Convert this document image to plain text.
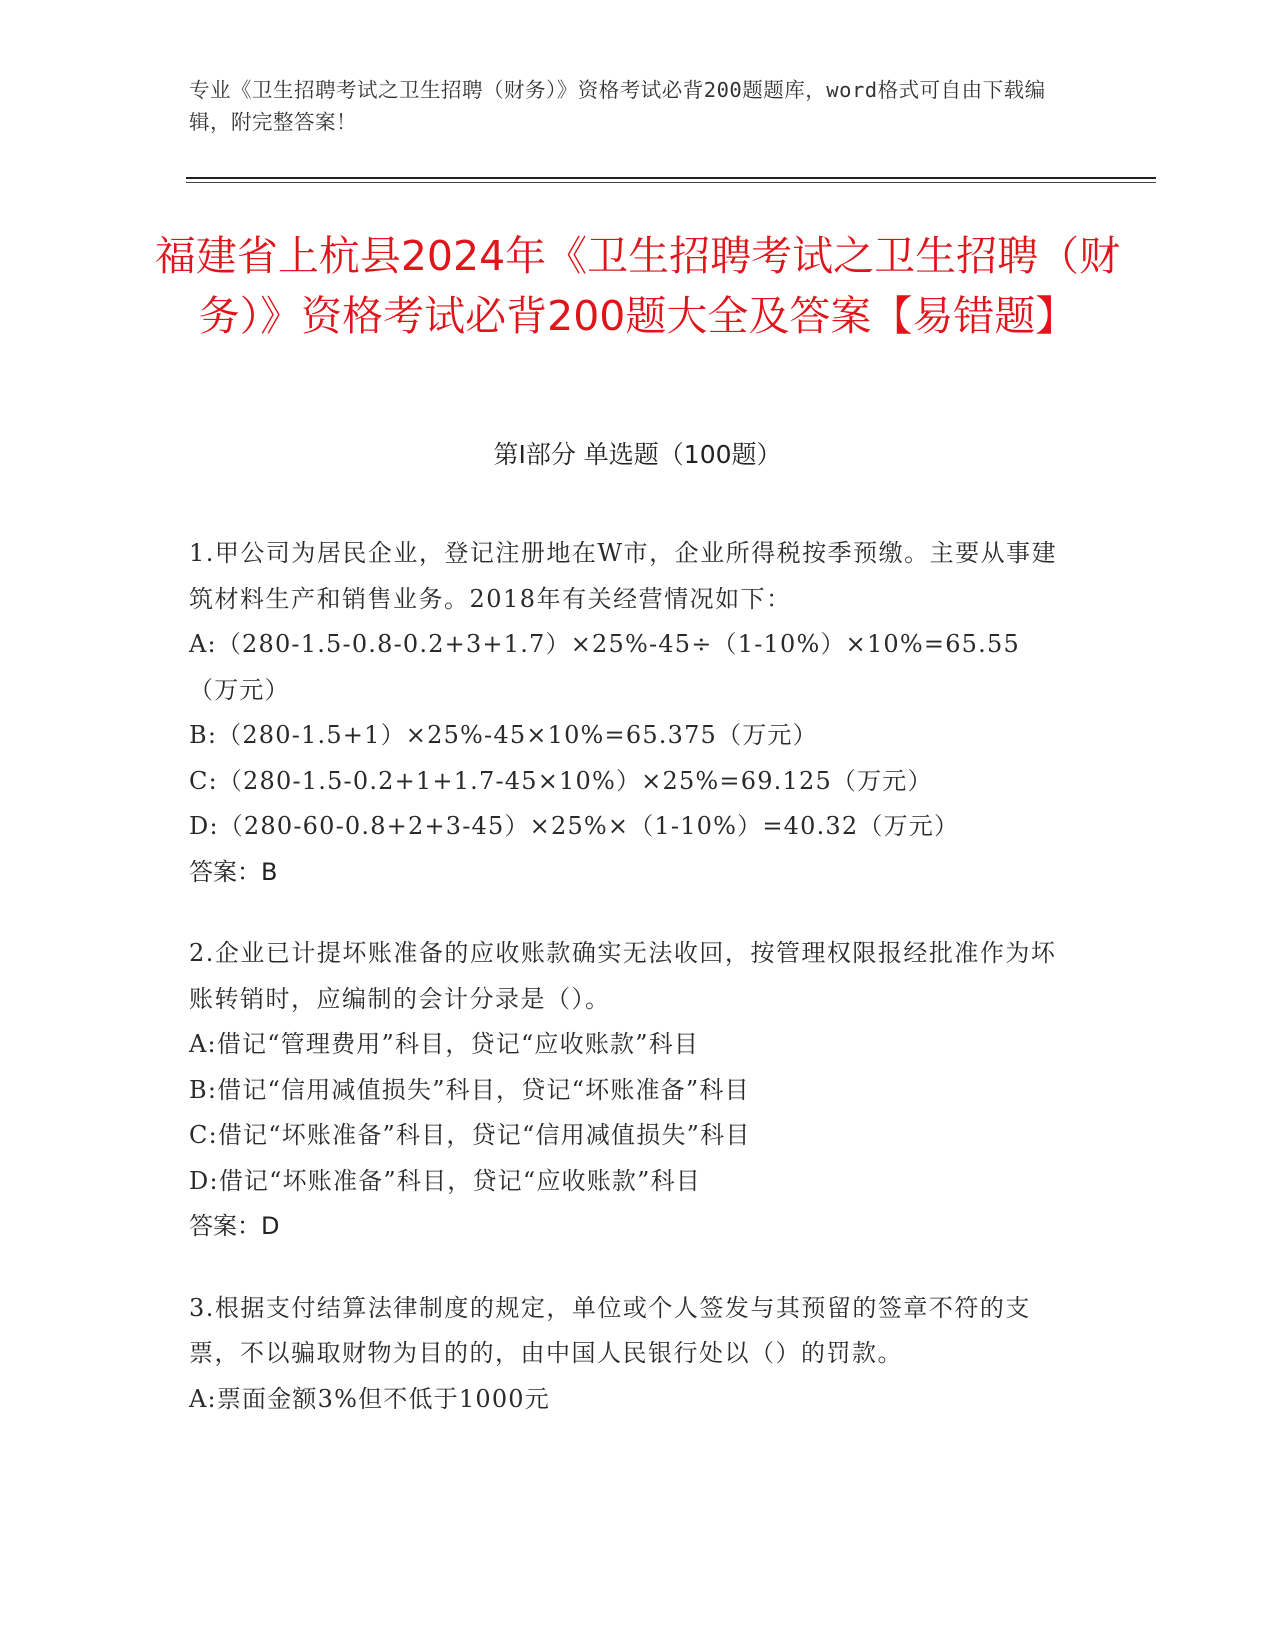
专业《卫生招聘考试之卫生招聘（财务）》资格考试必背200题题库，word格式可自由下载编辑，附完整答案！
福建省上杭县2024年《卫生招聘考试之卫生招聘（财务）》资格考试必背200题大全及答案【易错题】
第I部分 单选题（100题）
1.甲公司为居民企业，登记注册地在W市，企业所得税按季预缴。主要从事建筑材料生产和销售业务。2018年有关经营情况如下：
A:（280-1.5-0.8-0.2+3+1.7）×25%-45÷（1-10%）×10%=65.55（万元）
B:（280-1.5+1）×25%-45×10%=65.375（万元）
C:（280-1.5-0.2+1+1.7-45×10%）×25%=69.125（万元）
D:（280-60-0.8+2+3-45）×25%×（1-10%）=40.32（万元）
答案：B
2.企业已计提坏账准备的应收账款确实无法收回，按管理权限报经批准作为坏账转销时，应编制的会计分录是（）。
A:借记“管理费用”科目，贷记“应收账款”科目
B:借记“信用减值损失”科目，贷记“坏账准备”科目
C:借记“坏账准备”科目，贷记“信用减值损失”科目
D:借记“坏账准备”科目，贷记“应收账款”科目
答案：D
3.根据支付结算法律制度的规定，单位或个人签发与其预留的签章不符的支票，不以骗取财物为目的的，由中国人民银行处以（）的罚款。
A:票面金额3%但不低于1000元
